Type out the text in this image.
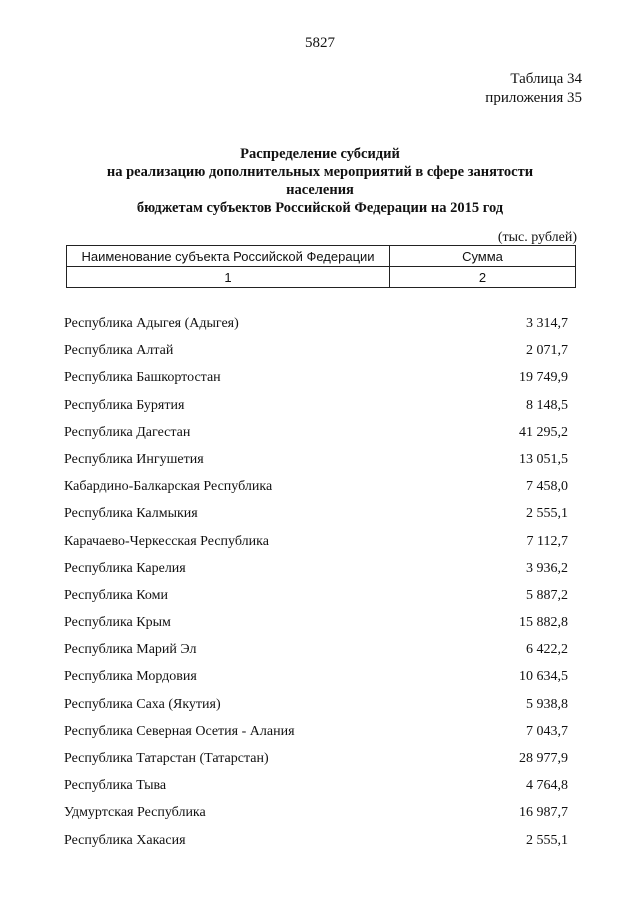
5827
Таблица 34
приложения 35
Распределение субсидий
на реализацию дополнительных мероприятий в сфере занятости
населения
бюджетам субъектов Российской Федерации на 2015 год
(тыс. рублей)
Наименование субъекта Российской Федерации	Сумма
1	2
Республика Адыгея (Адыгея)	3 314,7
Республика Алтай	2 071,7
Республика Башкортостан	19 749,9
Республика Бурятия	8 148,5
Республика Дагестан	41 295,2
Республика Ингушетия	13 051,5
Кабардино-Балкарская Республика	7 458,0
Республика Калмыкия	2 555,1
Карачаево-Черкесская Республика	7 112,7
Республика Карелия	3 936,2
Республика Коми	5 887,2
Республика Крым	15 882,8
Республика Марий Эл	6 422,2
Республика Мордовия	10 634,5
Республика Саха (Якутия)	5 938,8
Республика Северная Осетия - Алания	7 043,7
Республика Татарстан (Татарстан)	28 977,9
Республика Тыва	4 764,8
Удмуртская Республика	16 987,7
Республика Хакасия	2 555,1
